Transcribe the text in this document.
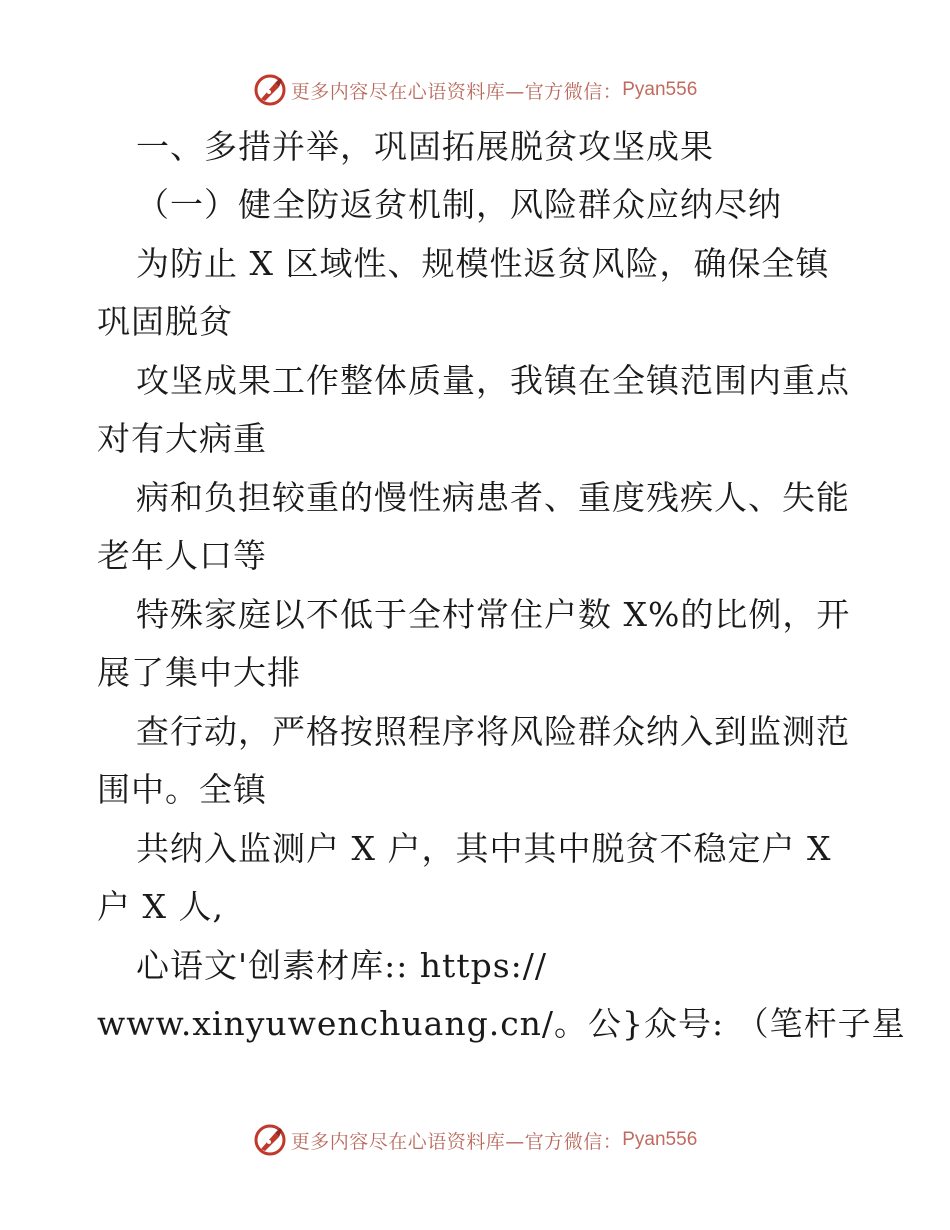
更多内容尽在心语资料库—官方微信： Pyan556
一、多措并举，巩固拓展脱贫攻坚成果
（一）健全防返贫机制，风险群众应纳尽纳
为防止 X 区域性、规模性返贫风险，确保全镇
巩固脱贫
攻坚成果工作整体质量，我镇在全镇范围内重点
对有大病重
病和负担较重的慢性病患者、重度残疾人、失能
老年人口等
特殊家庭以不低于全村常住户数 X%的比例，开
展了集中大排
查行动，严格按照程序将风险群众纳入到监测范
围中。全镇
共纳入监测户 X 户，其中其中脱贫不稳定户 X
户 X 人,
心语文'创素材库:: https://
www.xinyuwenchuang.cn/。公}众号: （笔杆子星
更多内容尽在心语资料库—官方微信： Pyan556
